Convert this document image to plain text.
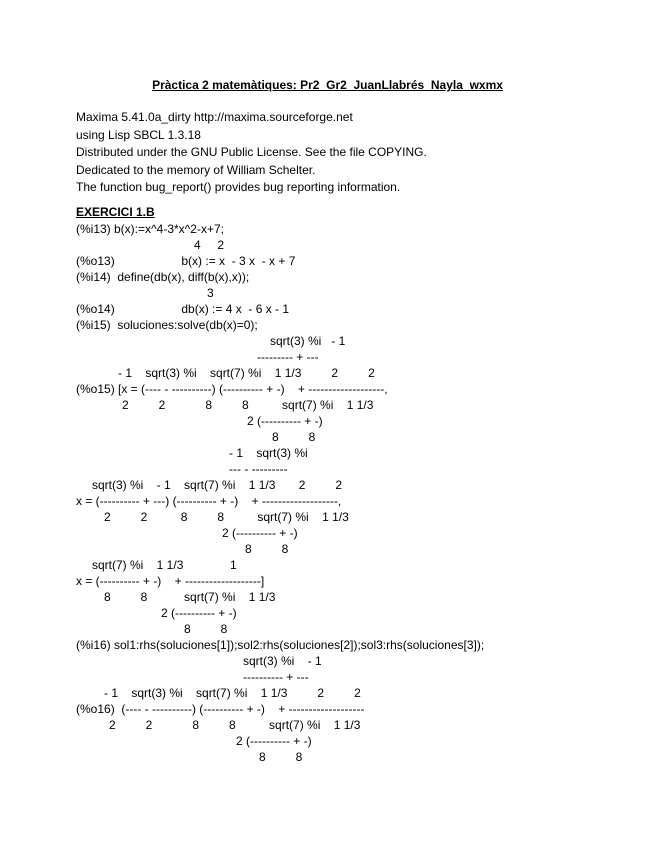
Pràctica 2 matemàtiques: Pr2_Gr2_JuanLlabrés_Nayla_wxmx
Maxima 5.41.0a_dirty http://maxima.sourceforge.net
using Lisp SBCL 1.3.18
Distributed under the GNU Public License. See the file COPYING.
Dedicated to the memory of William Schelter.
The function bug_report() provides bug reporting information.
EXERCICI 1.B
(%i13) b(x):=x^4-3*x^2-x+7;
4     2
(%o13)                    b(x) := x  - 3 x  - x + 7
(%i14)  define(db(x), diff(b(x),x));
3
(%o14)                    db(x) := 4 x  - 6 x - 1
(%i15)  soluciones:solve(db(x)=0);
sqrt(3) %i   - 1
--------- + ---
- 1    sqrt(3) %i    sqrt(7) %i    1 1/3         2         2
(%o15) [x = (---- - ----------) (---------- + -)    + -------------------,
2         2            8         8          sqrt(7) %i    1 1/3
2 (---------- + -)
8         8
- 1    sqrt(3) %i
--- - ---------
sqrt(3) %i    - 1    sqrt(7) %i    1 1/3       2         2
x = (---------- + ---) (---------- + -)    + -------------------,
2         2          8         8          sqrt(7) %i    1 1/3
2 (---------- + -)
8         8
sqrt(7) %i    1 1/3              1
x = (---------- + -)    + -------------------]
8         8           sqrt(7) %i    1 1/3
2 (---------- + -)
8         8
(%i16) sol1:rhs(soluciones[1]);sol2:rhs(soluciones[2]);sol3:rhs(soluciones[3]);
sqrt(3) %i    - 1
---------- + ---
- 1    sqrt(3) %i    sqrt(7) %i    1 1/3         2         2
(%o16)  (---- - ----------) (---------- + -)    + -------------------
2         2            8         8          sqrt(7) %i    1 1/3
2 (---------- + -)
8         8
